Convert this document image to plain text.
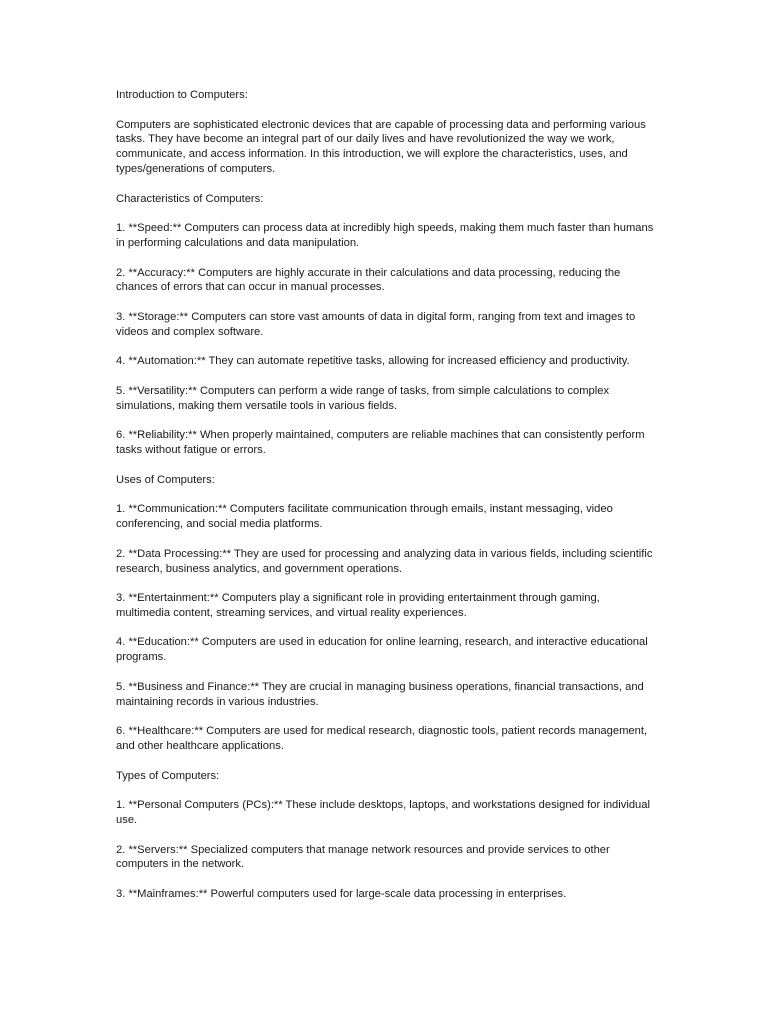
Introduction to Computers:

Computers are sophisticated electronic devices that are capable of processing data and performing various tasks. They have become an integral part of our daily lives and have revolutionized the way we work, communicate, and access information. In this introduction, we will explore the characteristics, uses, and types/generations of computers.

Characteristics of Computers:

1. **Speed:** Computers can process data at incredibly high speeds, making them much faster than humans in performing calculations and data manipulation.

2. **Accuracy:** Computers are highly accurate in their calculations and data processing, reducing the chances of errors that can occur in manual processes.

3. **Storage:** Computers can store vast amounts of data in digital form, ranging from text and images to videos and complex software.

4. **Automation:** They can automate repetitive tasks, allowing for increased efficiency and productivity.

5. **Versatility:** Computers can perform a wide range of tasks, from simple calculations to complex simulations, making them versatile tools in various fields.

6. **Reliability:** When properly maintained, computers are reliable machines that can consistently perform tasks without fatigue or errors.

Uses of Computers:

1. **Communication:** Computers facilitate communication through emails, instant messaging, video conferencing, and social media platforms.

2. **Data Processing:** They are used for processing and analyzing data in various fields, including scientific research, business analytics, and government operations.

3. **Entertainment:** Computers play a significant role in providing entertainment through gaming, multimedia content, streaming services, and virtual reality experiences.

4. **Education:** Computers are used in education for online learning, research, and interactive educational programs.

5. **Business and Finance:** They are crucial in managing business operations, financial transactions, and maintaining records in various industries.

6. **Healthcare:** Computers are used for medical research, diagnostic tools, patient records management, and other healthcare applications.

Types of Computers:

1. **Personal Computers (PCs):** These include desktops, laptops, and workstations designed for individual use.

2. **Servers:** Specialized computers that manage network resources and provide services to other computers in the network.

3. **Mainframes:** Powerful computers used for large-scale data processing in enterprises.
